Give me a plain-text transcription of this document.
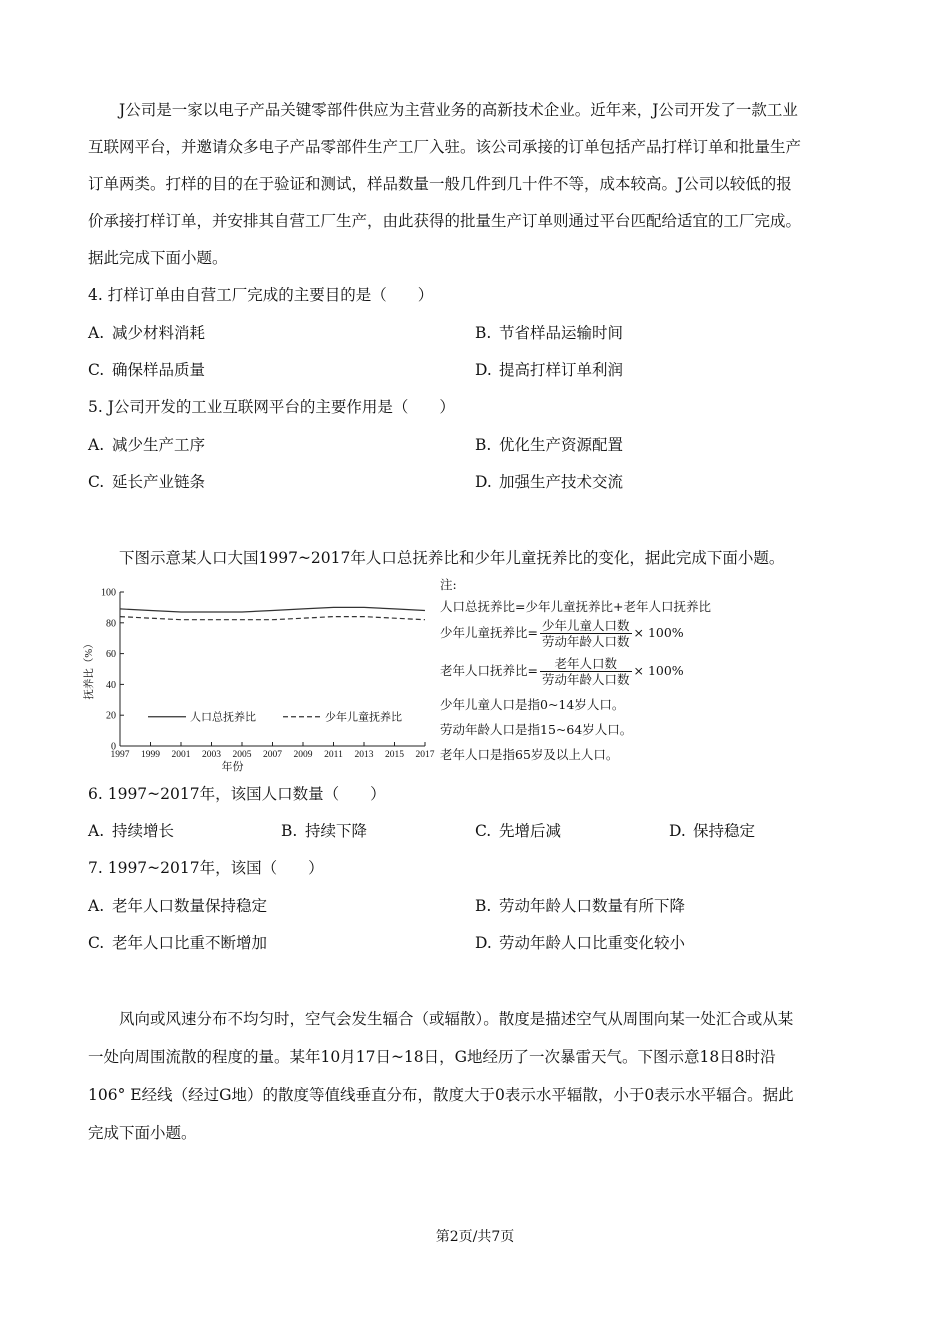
J公司是一家以电子产品关键零部件供应为主营业务的高新技术企业。近年来，J公司开发了一款工业
互联网平台，并邀请众多电子产品零部件生产工厂入驻。该公司承接的订单包括产品打样订单和批量生产
订单两类。打样的目的在于验证和测试，样品数量一般几件到几十件不等，成本较高。J公司以较低的报
价承接打样订单，并安排其自营工厂生产，由此获得的批量生产订单则通过平台匹配给适宜的工厂完成。
据此完成下面小题。
4. 打样订单由自营工厂完成的主要目的是（　　）
A. 减少材料消耗	B. 节省样品运输时间
C. 确保样品质量	D. 提高打样订单利润
5. J公司开发的工业互联网平台的主要作用是（　　）
A. 减少生产工序	B. 优化生产资源配置
C. 延长产业链条	D. 加强生产技术交流
下图示意某人口大国1997~2017年人口总抚养比和少年儿童抚养比的变化，据此完成下面小题。
0
20
40
60
80
100
1997 1999 2001 2003 2005 2007 2009 2011 2013 2015 2017
抚养比（%）
年份
人口总抚养比	少年儿童抚养比
注:
人口总抚养比=少年儿童抚养比+老年人口抚养比
少年儿童抚养比= $\frac{\text{少年儿童人口数}}{\text{劳动年龄人口数}} \times 100\%$
老年人口抚养比= $\frac{\text{老年人口数}}{\text{劳动年龄人口数}} \times 100\%$
少年儿童人口是指0~14岁人口。
劳动年龄人口是指15~64岁人口。
老年人口是指65岁及以上人口。
6. 1997~2017年，该国人口数量（　　）
A. 持续增长	B. 持续下降	C. 先增后减	D. 保持稳定
7. 1997~2017年，该国（　　）
A. 老年人口数量保持稳定	B. 劳动年龄人口数量有所下降
C. 老年人口比重不断增加	D. 劳动年龄人口比重变化较小
风向或风速分布不均匀时，空气会发生辐合（或辐散）。散度是描述空气从周围向某一处汇合或从某
一处向周围流散的程度的量。某年10月17日~18日，G地经历了一次暴雷天气。下图示意18日8时沿
106° E经线（经过G地）的散度等值线垂直分布，散度大于0表示水平辐散，小于0表示水平辐合。据此
完成下面小题。
第2页/共7页
